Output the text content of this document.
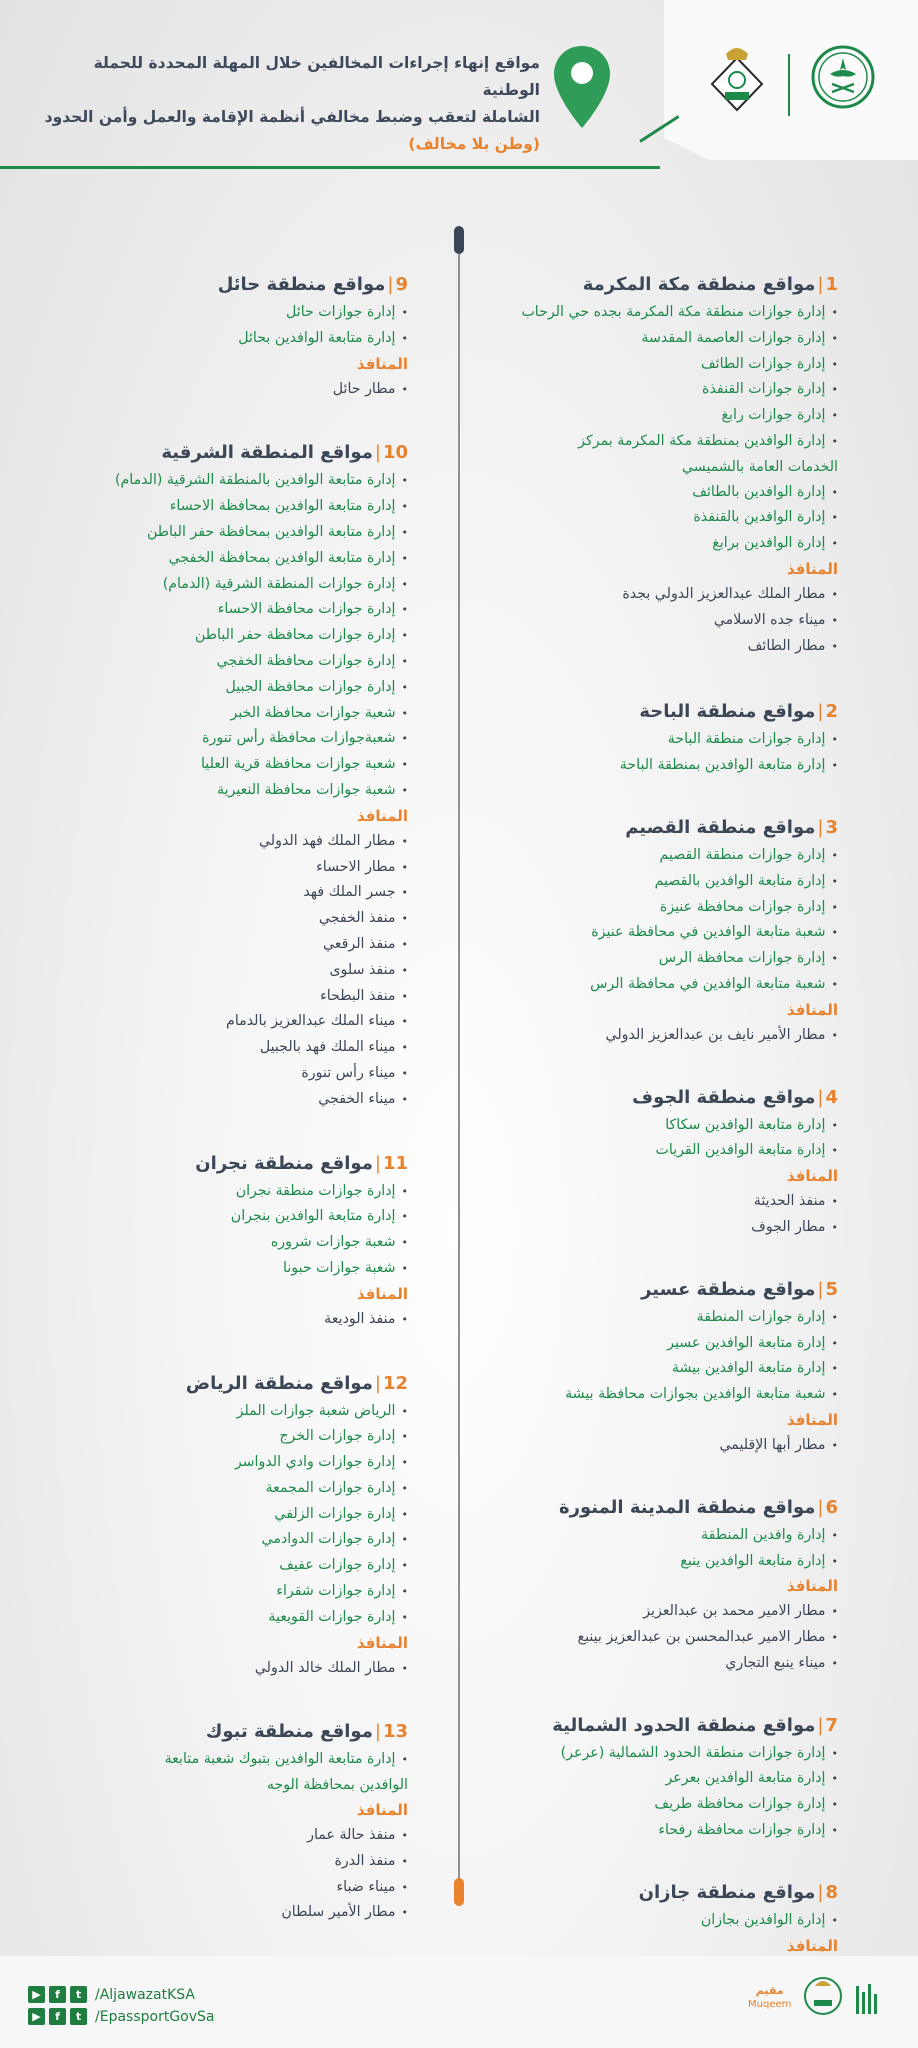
مواقع إنهاء إجراءات المخالفين خلال المهلة المحددة للحملة الوطنية
الشاملة لتعقب وضبط مخالفي أنظمة الإقامة والعمل وأمن الحدود
(وطن بلا مخالف)
1|مواقع منطقة مكة المكرمة
• إدارة جوازات منطقة مكة المكرمة بجده حي الرحاب
• إدارة جوازات العاصمة المقدسة
• إدارة جوازات الطائف
• إدارة جوازات القنفذة
• إدارة جوازات رابغ
• إدارة الوافدين بمنطقة مكة المكرمة بمركز
الخدمات العامة بالشميسي
• إدارة الوافدين بالطائف
• إدارة الوافدين بالقنفذة
• إدارة الوافدين برابغ
المنافذ
• مطار الملك عبدالعزيز الدولي بجدة
• ميناء جده الاسلامي
• مطار الطائف
2|مواقع منطقة الباحة
• إدارة جوازات منطقة الباحة
• إدارة متابعة الوافدين بمنطقة الباحة
3|مواقع منطقة القصيم
• إدارة جوازات منطقة القصيم
• إدارة متابعة الوافدين بالقصيم
• إدارة جوازات محافظة عنيزة
• شعبة متابعة الوافدين في محافظة عنيزة
• إدارة جوازات محافظة الرس
• شعبة متابعة الوافدين في محافظة الرس
المنافذ
• مطار الأمير نايف بن عبدالعزيز الدولي
4|مواقع منطقة الجوف
• إدارة متابعة الوافدين سكاكا
• إدارة متابعة الوافدين القريات
المنافذ
• منفذ الحديثة
• مطار الجوف
5|مواقع منطقة عسير
• إدارة جوازات المنطقة
• إدارة متابعة الوافدين عسير
• إدارة متابعة الوافدين بيشة
• شعبة متابعة الوافدين بجوازات محافظة بيشة
المنافذ
• مطار أبها الإقليمي
6|مواقع منطقة المدينة المنورة
• إدارة وافدين المنطقة
• إدارة متابعة الوافدين ينبع
المنافذ
• مطار الامير محمد بن عبدالعزيز
• مطار الامير عبدالمحسن بن عبدالعزيز بينبع
• ميناء ينبع التجاري
7|مواقع منطقة الحدود الشمالية
• إدارة جوازات منطقة الحدود الشمالية (عرعر)
• إدارة متابعة الوافدين بعرعر
• إدارة جوازات محافظة طريف
• إدارة جوازات محافظة رفحاء
8|مواقع منطقة جازان
• إدارة الوافدين بجازان
المنافذ
•
9|مواقع منطقة حائل
• إدارة جوازات حائل
• إدارة متابعة الوافدين بحائل
المنافذ
• مطار حائل
10|مواقع المنطقة الشرقية
• إدارة متابعة الوافدين بالمنطقة الشرقية (الدمام)
• إدارة متابعة الوافدين بمحافظة الاحساء
• إدارة متابعة الوافدين بمحافظة حفر الباطن
• إدارة متابعة الوافدين بمحافظة الخفجي
• إدارة جوازات المنطقة الشرقية (الدمام)
• إدارة جوازات محافظة الاحساء
• إدارة جوازات محافظة حفر الباطن
• إدارة جوازات محافظة الخفجي
• إدارة جوازات محافظة الجبيل
• شعبة جوازات محافظة الخبر
• شعبةجوازات محافظة رأس تنورة
• شعبة جوازات محافظة قرية العليا
• شعبة جوازات محافظة النعيرية
المنافذ
• مطار الملك فهد الدولي
• مطار الاحساء
• جسر الملك فهد
• منفذ الخفجي
• منفذ الرقعي
• منفذ سلوى
• منفذ البطحاء
• ميناء الملك عبدالعزيز بالدمام
• ميناء الملك فهد بالجبيل
• ميناء رأس تنورة
• ميناء الخفجي
11|مواقع منطقة نجران
• إدارة جوازات منطقة نجران
• إدارة متابعة الوافدين بنجران
• شعبة جوازات شروره
• شعبة جوازات حبونا
المنافذ
• منفذ الوديعة
12|مواقع منطقة الرياض
• الرياض شعبة جوازات الملز
• إدارة جوازات الخرج
• إدارة جوازات وادي الدواسر
• إدارة جوازات المجمعة
• إدارة جوازات الزلفي
• إدارة جوازات الدوادمي
• إدارة جوازات عفيف
• إدارة جوازات شقراء
• إدارة جوازات القويعية
المنافذ
• مطار الملك خالد الدولي
13|مواقع منطقة تبوك
• إدارة متابعة الوافدين بتبوك شعبة متابعة
الوافدين بمحافظة الوجه
المنافذ
• منفذ حالة عمار
• منفذ الدرة
• ميناء ضباء
• مطار الأمير سلطان
▶	f	t /AljawazatKSA
▶	f	t /EpassportGovSa
مقيم
Muqeem
